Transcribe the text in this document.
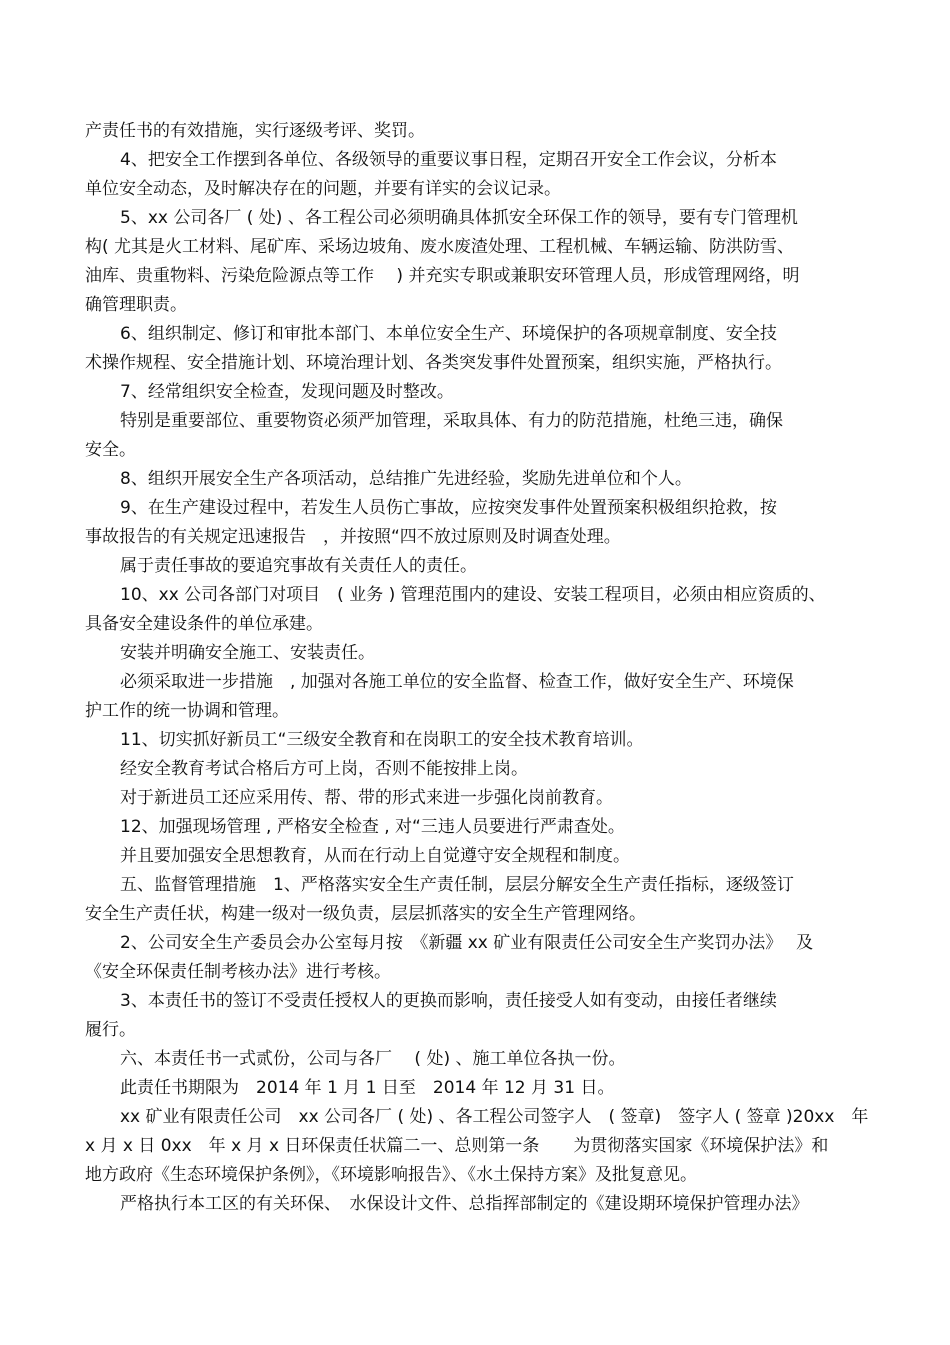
产责任书的有效措施，实行逐级考评、奖罚。
4、把安全工作摆到各单位、各级领导的重要议事日程，定期召开安全工作会议，分析本
单位安全动态，及时解决存在的问题，并要有详实的会议记录。
5、xx 公司各厂 ( 处) 、各工程公司必须明确具体抓安全环保工作的领导，要有专门管理机
构( 尤其是火工材料、尾矿库、采场边坡角、废水废渣处理、工程机械、车辆运输、防洪防雪、
油库、贵重物料、污染危险源点等工作　 ) 并充实专职或兼职安环管理人员，形成管理网络，明
确管理职责。
6、组织制定、修订和审批本部门、本单位安全生产、环境保护的各项规章制度、安全技
术操作规程、安全措施计划、环境治理计划、各类突发事件处置预案，组织实施，严格执行。
7、经常组织安全检查，发现问题及时整改。
特别是重要部位、重要物资必须严加管理，采取具体、有力的防范措施，杜绝三违，确保
安全。
8、组织开展安全生产各项活动，总结推广先进经验，奖励先进单位和个人。
9、在生产建设过程中，若发生人员伤亡事故，应按突发事件处置预案积极组织抢救，按
事故报告的有关规定迅速报告　，并按照“四不放过原则及时调查处理。
属于责任事故的要追究事故有关责任人的责任。
10、xx 公司各部门对项目　( 业务 ) 管理范围内的建设、安装工程项目，必须由相应资质的、
具备安全建设条件的单位承建。
安装并明确安全施工、安装责任。
必须采取进一步措施　, 加强对各施工单位的安全监督、检查工作，做好安全生产、环境保
护工作的统一协调和管理。
11、切实抓好新员工“三级安全教育和在岗职工的安全技术教育培训。
经安全教育考试合格后方可上岗，否则不能按排上岗。
对于新进员工还应采用传、帮、带的形式来进一步强化岗前教育。
12、加强现场管理 , 严格安全检查 , 对“三违人员要进行严肃查处。
并且要加强安全思想教育，从而在行动上自觉遵守安全规程和制度。
五、监督管理措施　1、严格落实安全生产责任制，层层分解安全生产责任指标，逐级签订
安全生产责任状，构建一级对一级负责，层层抓落实的安全生产管理网络。
2、公司安全生产委员会办公室每月按　《新疆 xx 矿业有限责任公司安全生产奖罚办法》　 及
《安全环保责任制考核办法》进行考核。
3、本责任书的签订不受责任授权人的更换而影响，责任接受人如有变动，由接任者继续
履行。
六、本责任书一式贰份，公司与各厂　 ( 处) 、施工单位各执一份。
此责任书期限为　2014 年 1 月 1 日至　2014 年 12 月 31 日。
xx 矿业有限责任公司　xx 公司各厂 ( 处) 、各工程公司签字人　( 签章)　签字人 ( 签章 )20xx　年
x 月 x 日 0xx　年 x 月 x 日环保责任状篇二一、总则第一条　　为贯彻落实国家《环境保护法》和
地方政府《生态环境保护条例》，《环境影响报告》、《水土保持方案》及批复意见。
严格执行本工区的有关环保、　水保设计文件、总指挥部制定的《建设期环境保护管理办法》
